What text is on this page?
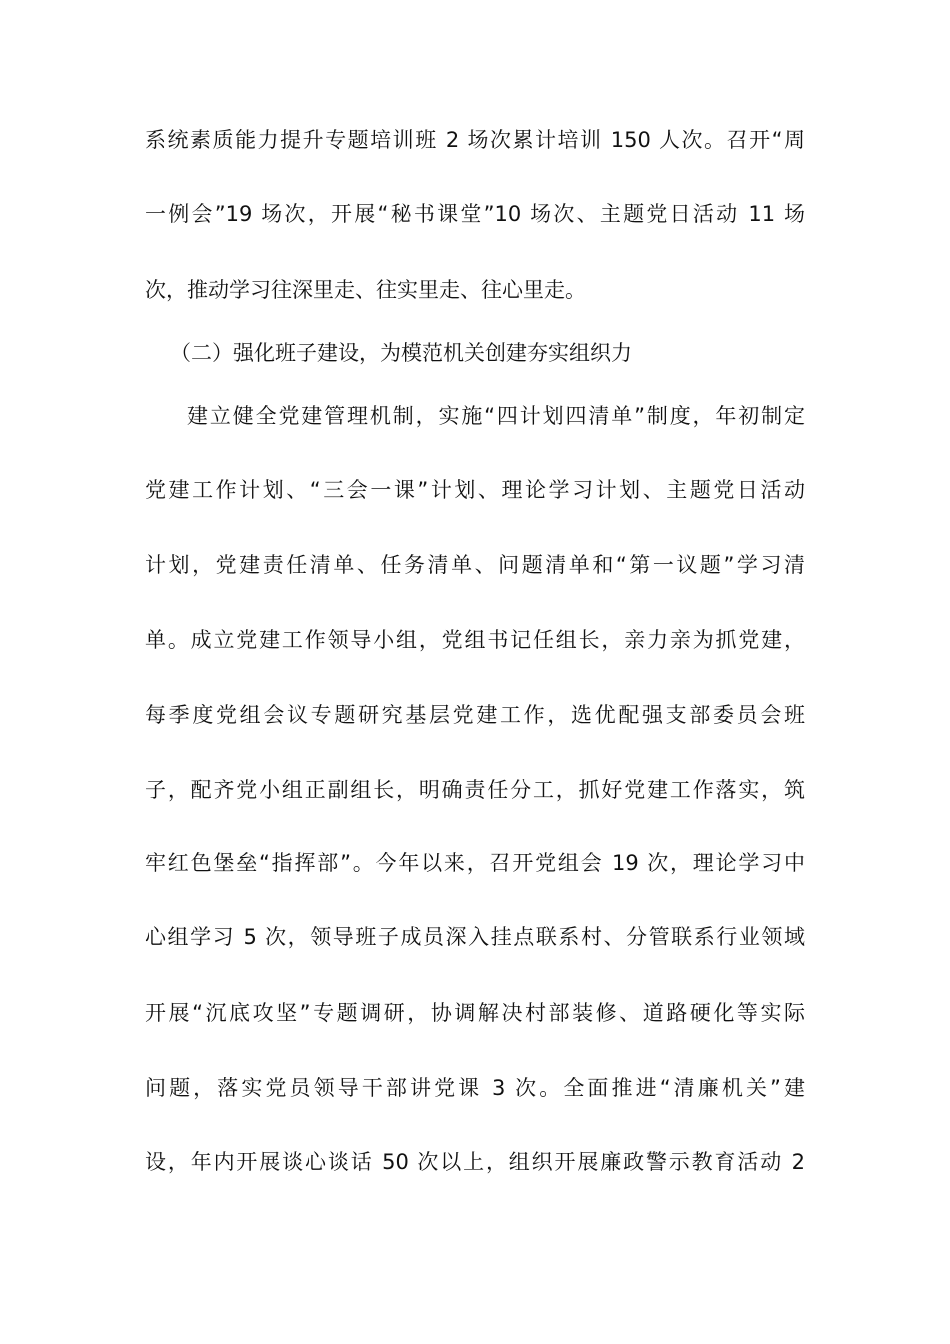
系统素质能力提升专题培训班 2 场次累计培训 150 人次。召开“周
一例会”19 场次，开展“秘书课堂”10 场次、主题党日活动 11 场
次，推动学习往深里走、往实里走、往心里走。
（二）强化班子建设，为模范机关创建夯实组织力
建立健全党建管理机制，实施“四计划四清单”制度，年初制定
党建工作计划、“三会一课”计划、理论学习计划、主题党日活动
计划，党建责任清单、任务清单、问题清单和“第一议题”学习清
单。成立党建工作领导小组，党组书记任组长，亲力亲为抓党建，
每季度党组会议专题研究基层党建工作，选优配强支部委员会班
子，配齐党小组正副组长，明确责任分工，抓好党建工作落实，筑
牢红色堡垒“指挥部”。今年以来，召开党组会 19 次，理论学习中
心组学习 5 次，领导班子成员深入挂点联系村、分管联系行业领域
开展“沉底攻坚”专题调研，协调解决村部装修、道路硬化等实际
问题，落实党员领导干部讲党课 3 次。全面推进“清廉机关”建
设，年内开展谈心谈话 50 次以上，组织开展廉政警示教育活动 2
